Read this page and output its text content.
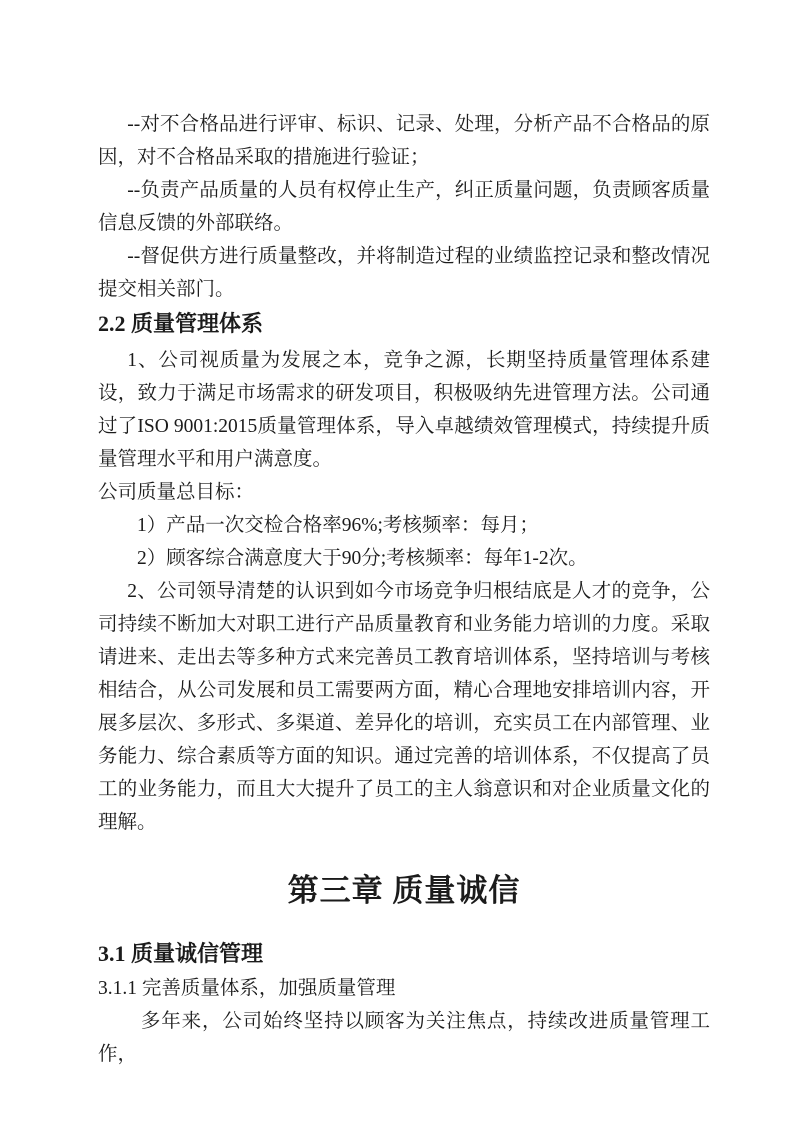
--对不合格品进行评审、标识、记录、处理，分析产品不合格品的原因，对不合格品采取的措施进行验证；

--负责产品质量的人员有权停止生产，纠正质量问题，负责顾客质量信息反馈的外部联络。

--督促供方进行质量整改，并将制造过程的业绩监控记录和整改情况提交相关部门。

2.2 质量管理体系

1、公司视质量为发展之本，竞争之源，长期坚持质量管理体系建设，致力于满足市场需求的研发项目，积极吸纳先进管理方法。公司通过了ISO 9001:2015质量管理体系，导入卓越绩效管理模式，持续提升质量管理水平和用户满意度。

公司质量总目标：

1）产品一次交检合格率96%;考核频率：每月；

2）顾客综合满意度大于90分;考核频率：每年1-2次。

2、公司领导清楚的认识到如今市场竞争归根结底是人才的竞争，公司持续不断加大对职工进行产品质量教育和业务能力培训的力度。采取请进来、走出去等多种方式来完善员工教育培训体系，坚持培训与考核相结合，从公司发展和员工需要两方面，精心合理地安排培训内容，开展多层次、多形式、多渠道、差异化的培训，充实员工在内部管理、业务能力、综合素质等方面的知识。通过完善的培训体系，不仅提高了员工的业务能力，而且大大提升了员工的主人翁意识和对企业质量文化的理解。

第三章 质量诚信
3.1 质量诚信管理

3.1.1 完善质量体系，加强质量管理

多年来，公司始终坚持以顾客为关注焦点，持续改进质量管理工作，
